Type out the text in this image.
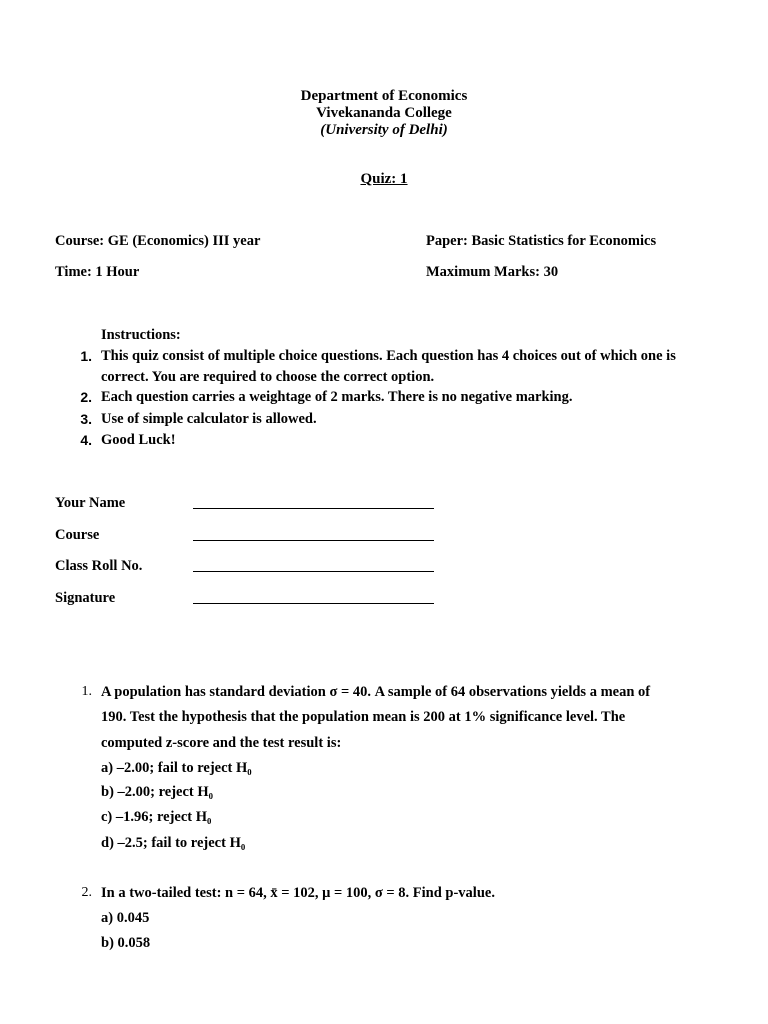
Department of Economics
Vivekananda College
(University of Delhi)
Quiz: 1
Course: GE (Economics) III year	Paper: Basic Statistics for Economics
Time: 1 Hour	Maximum Marks: 30
Instructions:
1. This quiz consist of multiple choice questions. Each question has 4 choices out of which one is
correct. You are required to choose the correct option.
2. Each question carries a weightage of 2 marks. There is no negative marking.
3. Use of simple calculator is allowed.
4. Good Luck!
Your Name
Course
Class Roll No.
Signature
1. A population has standard deviation σ = 40. A sample of 64 observations yields a mean of
190. Test the hypothesis that the population mean is 200 at 1% significance level. The
computed z-score and the test result is:
a) –2.00; fail to reject H₀
b) –2.00; reject H₀
c) –1.96; reject H₀
d) –2.5; fail to reject H₀
2. In a two-tailed test: n = 64, x̄ = 102, μ = 100, σ = 8. Find p-value.
a) 0.045
b) 0.058
